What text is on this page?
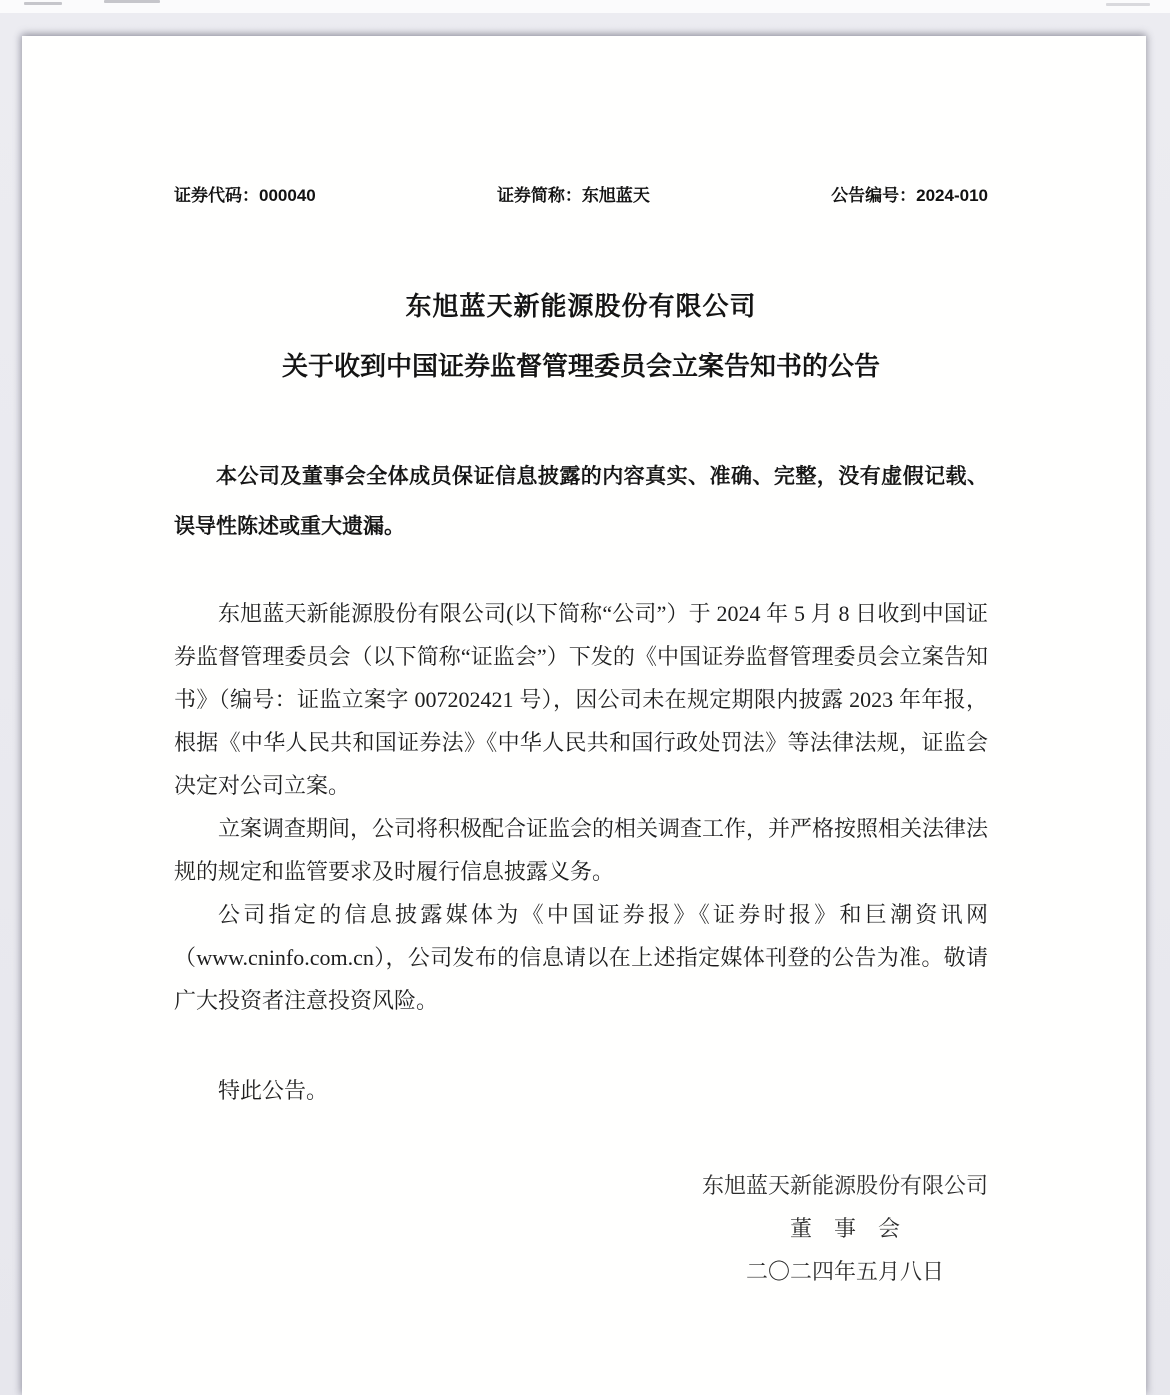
证券代码：000040	证券简称：东旭蓝天	公告编号：2024-010
东旭蓝天新能源股份有限公司
关于收到中国证券监督管理委员会立案告知书的公告

本公司及董事会全体成员保证信息披露的内容真实、准确、完整，没有虚假记载、误导性陈述或重大遗漏。

东旭蓝天新能源股份有限公司(以下简称“公司”）于 2024 年 5 月 8 日收到中国证券监督管理委员会（以下简称“证监会”）下发的《中国证券监督管理委员会立案告知书》（编号：证监立案字 007202421 号），因公司未在规定期限内披露 2023 年年报，根据《中华人民共和国证券法》《中华人民共和国行政处罚法》等法律法规，证监会决定对公司立案。

立案调查期间，公司将积极配合证监会的相关调查工作，并严格按照相关法律法规的规定和监管要求及时履行信息披露义务。

公司指定的信息披露媒体为《中国证券报》《证券时报》和巨潮资讯网（www.cninfo.com.cn），公司发布的信息请以在上述指定媒体刊登的公告为准。敬请广大投资者注意投资风险。

特此公告。

东旭蓝天新能源股份有限公司
董　事　会
二〇二四年五月八日
